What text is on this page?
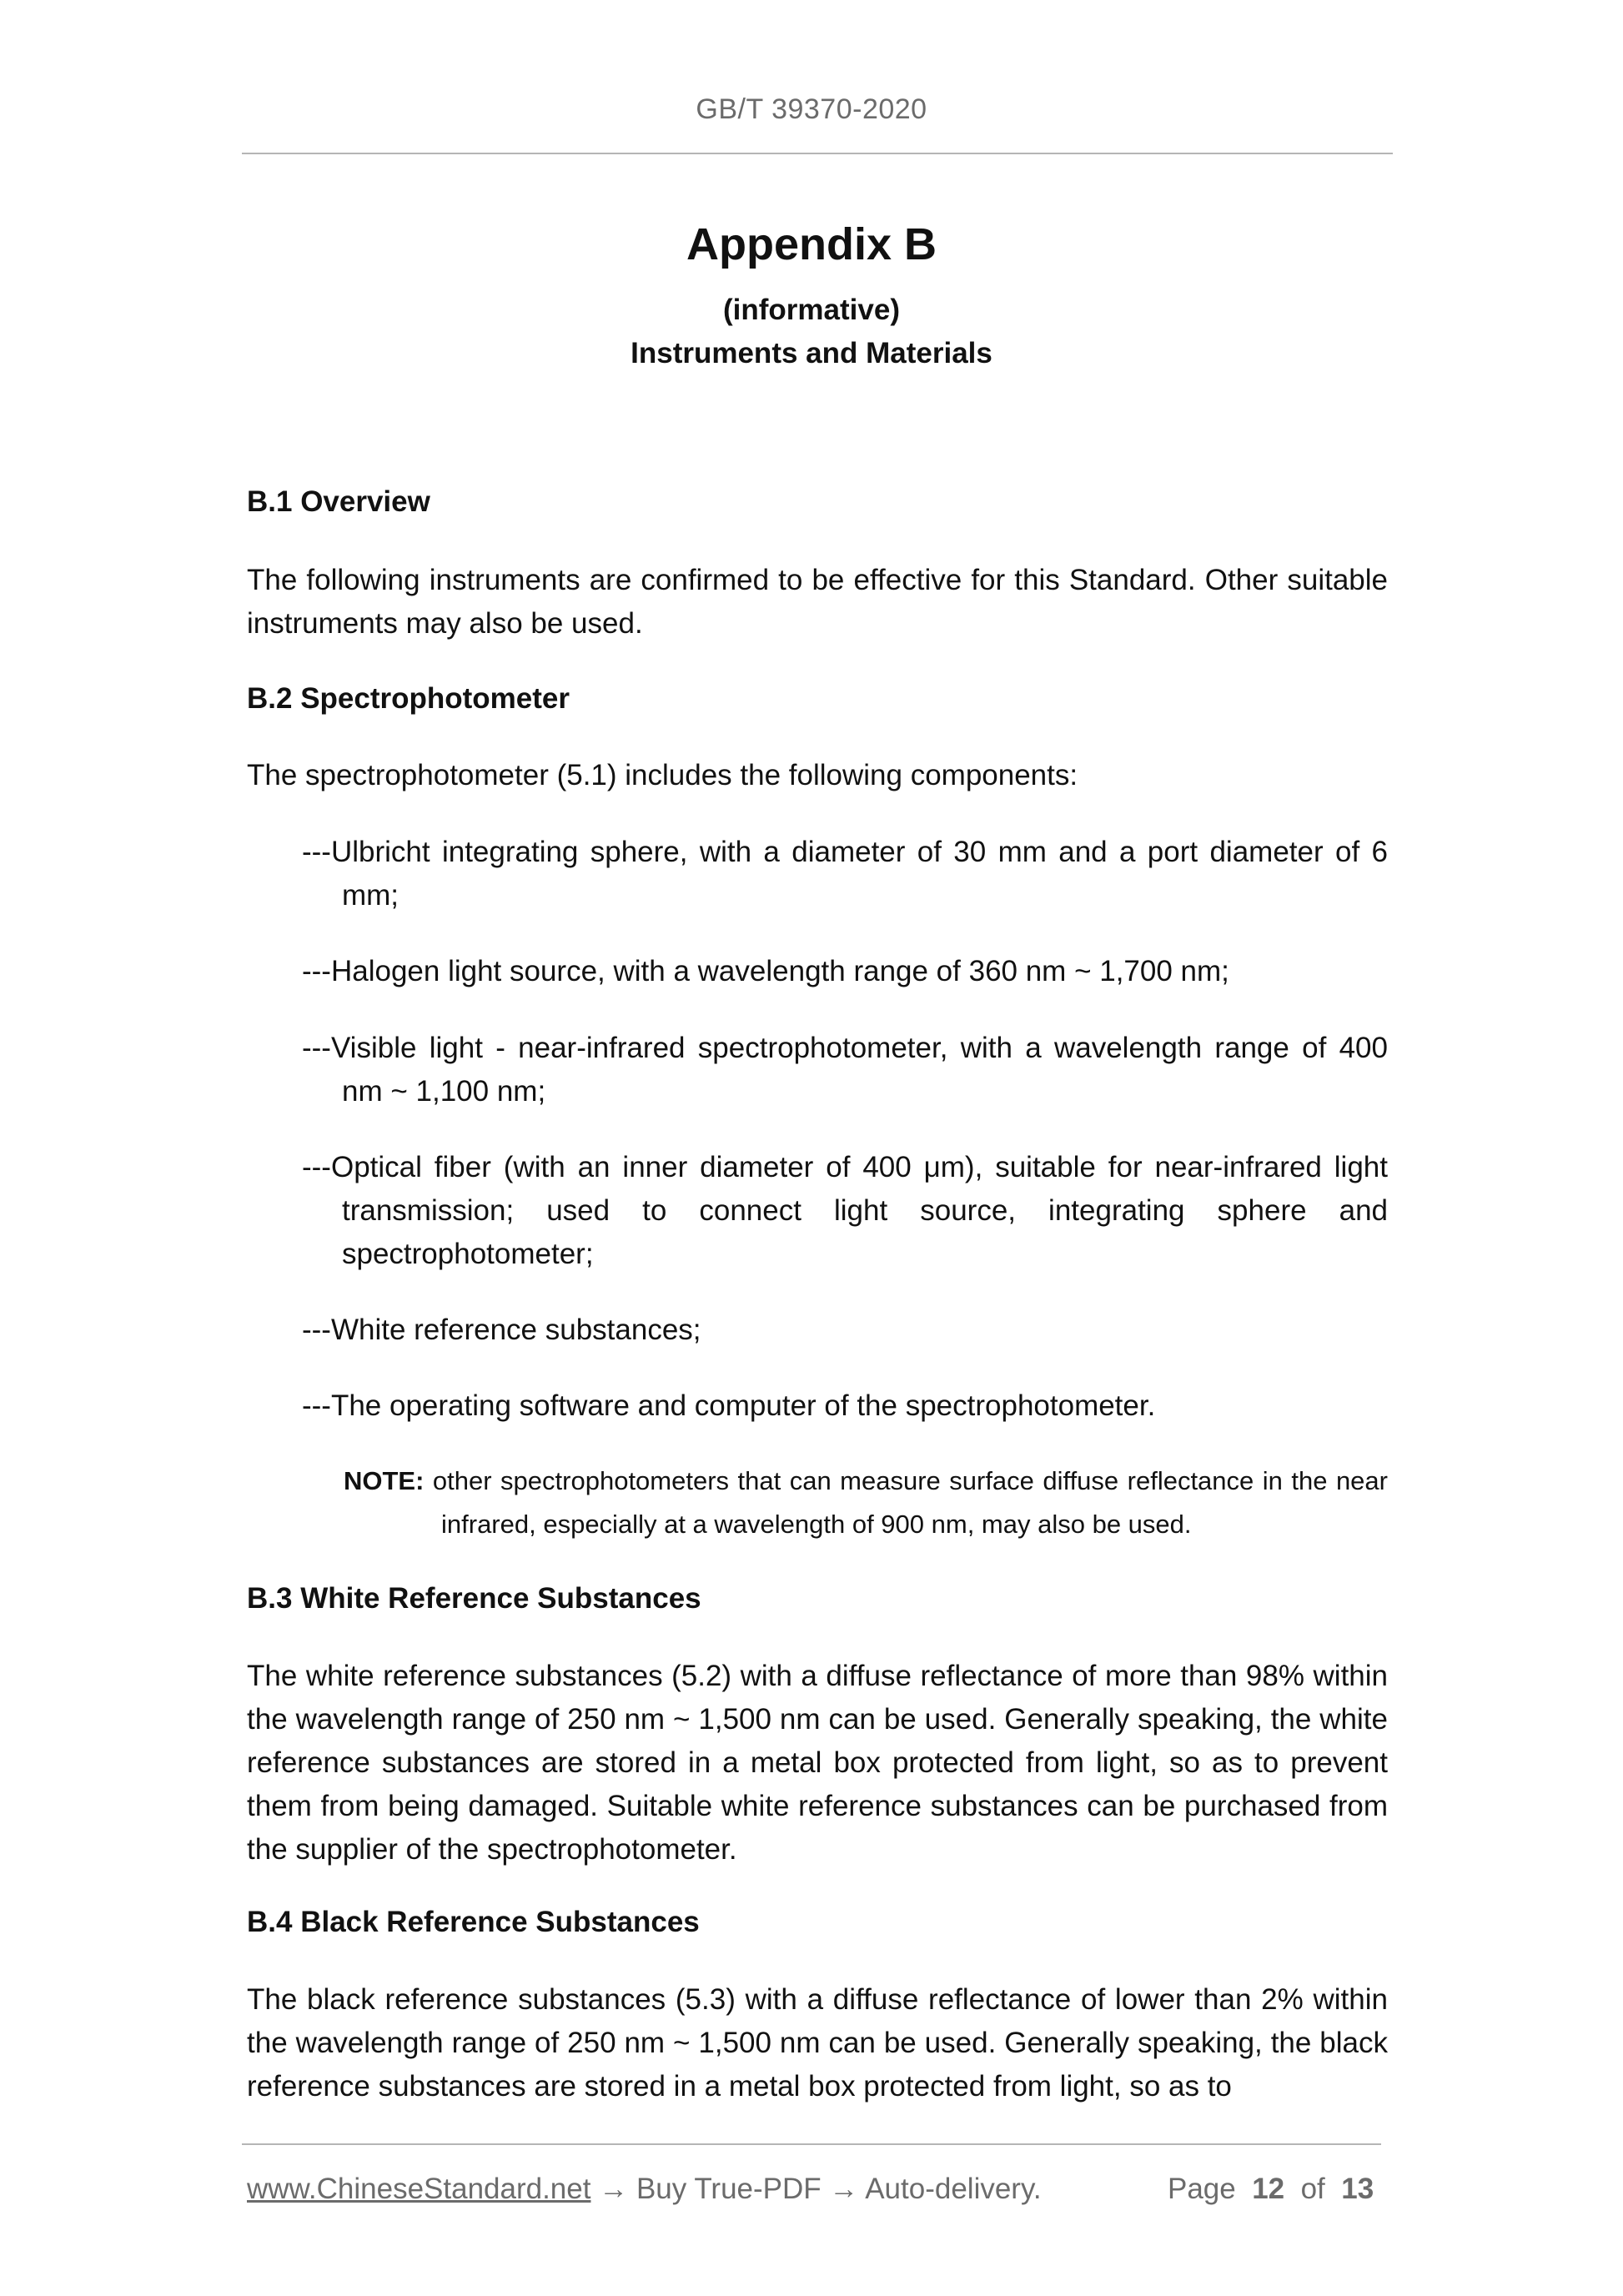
GB/T 39370-2020
Appendix B
(informative)
Instruments and Materials
B.1 Overview
The following instruments are confirmed to be effective for this Standard. Other suitable instruments may also be used.
B.2 Spectrophotometer
The spectrophotometer (5.1) includes the following components:
---Ulbricht integrating sphere, with a diameter of 30 mm and a port diameter of 6 mm;
---Halogen light source, with a wavelength range of 360 nm ~ 1,700 nm;
---Visible light - near-infrared spectrophotometer, with a wavelength range of 400 nm ~ 1,100 nm;
---Optical fiber (with an inner diameter of 400 μm), suitable for near-infrared light transmission; used to connect light source, integrating sphere and spectrophotometer;
---White reference substances;
---The operating software and computer of the spectrophotometer.
NOTE: other spectrophotometers that can measure surface diffuse reflectance in the near infrared, especially at a wavelength of 900 nm, may also be used.
B.3 White Reference Substances
The white reference substances (5.2) with a diffuse reflectance of more than 98% within the wavelength range of 250 nm ~ 1,500 nm can be used. Generally speaking, the white reference substances are stored in a metal box protected from light, so as to prevent them from being damaged. Suitable white reference substances can be purchased from the supplier of the spectrophotometer.
B.4 Black Reference Substances
The black reference substances (5.3) with a diffuse reflectance of lower than 2% within the wavelength range of 250 nm ~ 1,500 nm can be used. Generally speaking, the black reference substances are stored in a metal box protected from light, so as to
www.ChineseStandard.net → Buy True-PDF → Auto-delivery.	Page 12 of 13
